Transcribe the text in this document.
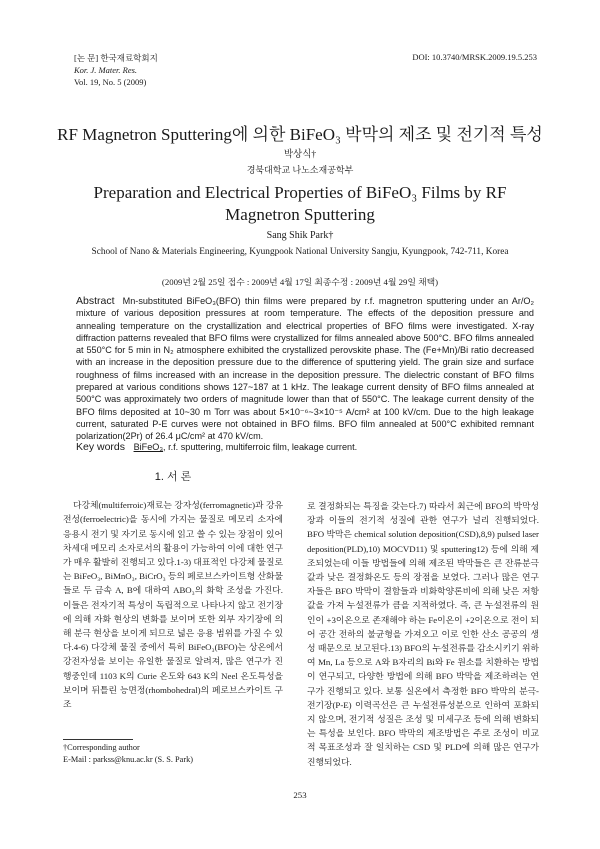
[논 문] 한국재료학회지
Kor. J. Mater. Res.
Vol. 19, No. 5 (2009)
DOI: 10.3740/MRSK.2009.19.5.253
RF Magnetron Sputtering에 의한 BiFeO₃ 박막의 제조 및 전기적 특성
박상식†
경북대학교 나노소재공학부
Preparation and Electrical Properties of BiFeO₃ Films by RF Magnetron Sputtering
Sang Shik Park†
School of Nano & Materials Engineering, Kyungpook National University Sangju, Kyungpook, 742-711, Korea
(2009년 2월 25일 접수 : 2009년 4월 17일 최종수정 : 2009년 4월 29일 채택)
Abstract Mn-substituted BiFeO₃(BFO) thin films were prepared by r.f. magnetron sputtering under an Ar/O₂ mixture of various deposition pressures at room temperature. The effects of the deposition pressure and annealing temperature on the crystallization and electrical properties of BFO films were investigated. X-ray diffraction patterns revealed that BFO films were crystallized for films annealed above 500°C. BFO films annealed at 550°C for 5 min in N₂ atmosphere exhibited the crystallized perovskite phase. The (Fe+Mn)/Bi ratio decreased with an increase in the deposition pressure due to the difference of sputtering yield. The grain size and surface roughness of films increased with an increase in the deposition pressure. The dielectric constant of BFO films prepared at various conditions shows 127~187 at 1 kHz. The leakage current density of BFO films annealed at 500°C was approximately two orders of magnitude lower than that of 550°C. The leakage current density of the BFO films deposited at 10~30 m Torr was about 5×10⁻⁶~3×10⁻⁵ A/cm² at 100 kV/cm. Due to the high leakage current, saturated P-E curves were not obtained in BFO films. BFO film annealed at 500°C exhibited remnant polarization(2Pr) of 26.4 μC/cm² at 470 kV/cm.
Key words BiFeO₃, r.f. sputtering, multiferroic film, leakage current.
1. 서 론

다강체(multiferroic)재료는 강자성(ferromagnetic)과 강유전성(ferroelectric)을 동시에 가지는 물질로 메모리 소자에 응용시 전기 및 자기로 동시에 읽고 쓸 수 있는 장점이 있어 차세대 메모리 소자로서의 활용이 가능하여 이에 대한 연구가 매우 활발히 진행되고 있다.1-3) 대표적인 다강체 물질로는 BiFeO₃, BiMnO₃, BiCrO₃ 등의 페로브스카이트형 산화물들로 두 금속 A, B에 대하여 ABO₃의 화학 조성을 가진다. 이들은 전자기적 특성이 독립적으로 나타나지 않고 전기장에 의해 자화 현상의 변화를 보이며 또한 외부 자기장에 의해 분극 현상을 보이게 되므로 넓은 응용 범위를 가질 수 있다.4-6) 다강체 물질 중에서 특히 BiFeO₃(BFO)는 상온에서 강전자성을 보이는 유일한 물질로 알려져, 많은 연구가 진행중인데 1103 K의 Curie 온도와 643 K의 Neel 온도특성을 보이며 뒤틀린 능면정(rhombohedral)의 페로브스카이트 구조

로 결정화되는 특징을 갖는다.7) 따라서 최근에 BFO의 박막성장과 이들의 전기적 성질에 관한 연구가 널리 진행되었다. BFO 박막은 chemical solution deposition(CSD),8,9) pulsed laser deposition(PLD),10) MOCVD11) 및 sputtering12) 등에 의해 제조되었는데 이들 방법들에 의해 제조된 박막들은 큰 잔류분극값과 낮은 결정화온도 등의 장점을 보였다. 그러나 많은 연구자들은 BFO 박막이 결함들과 비화학양론비에 의해 낮은 저항값을 가져 누설전류가 큼을 지적하였다. 즉, 큰 누설전류의 원인이 +3이온으로 존재해야 하는 Fe이온이 +2이온으로 전이 되어 공간 전하의 불균형을 가져오고 이로 인한 산소 공공의 생성 때문으로 보고된다.13) BFO의 누설전류를 감소시키기 위하여 Mn, La 등으로 A와 B자리의 Bi와 Fe 원소를 치환하는 방법이 연구되고, 다양한 방법에 의해 BFO 박막을 제조하려는 연구가 진행되고 있다. 보통 실온에서 측정한 BFO 박막의 분극-전기장(P-E) 이력곡선은 큰 누설전류성분으로 인하여 포화되지 않으며, 전기적 성질은 조성 및 미세구조 등에 의해 변화되는 특성을 보인다. BFO 박막의 제조방법은 주로 조성이 비교적 목표조성과 잘 일치하는 CSD 및 PLD에 의해 많은 연구가 진행되었다.

†Corresponding author
E-Mail : parkss@knu.ac.kr (S. S. Park)
253
